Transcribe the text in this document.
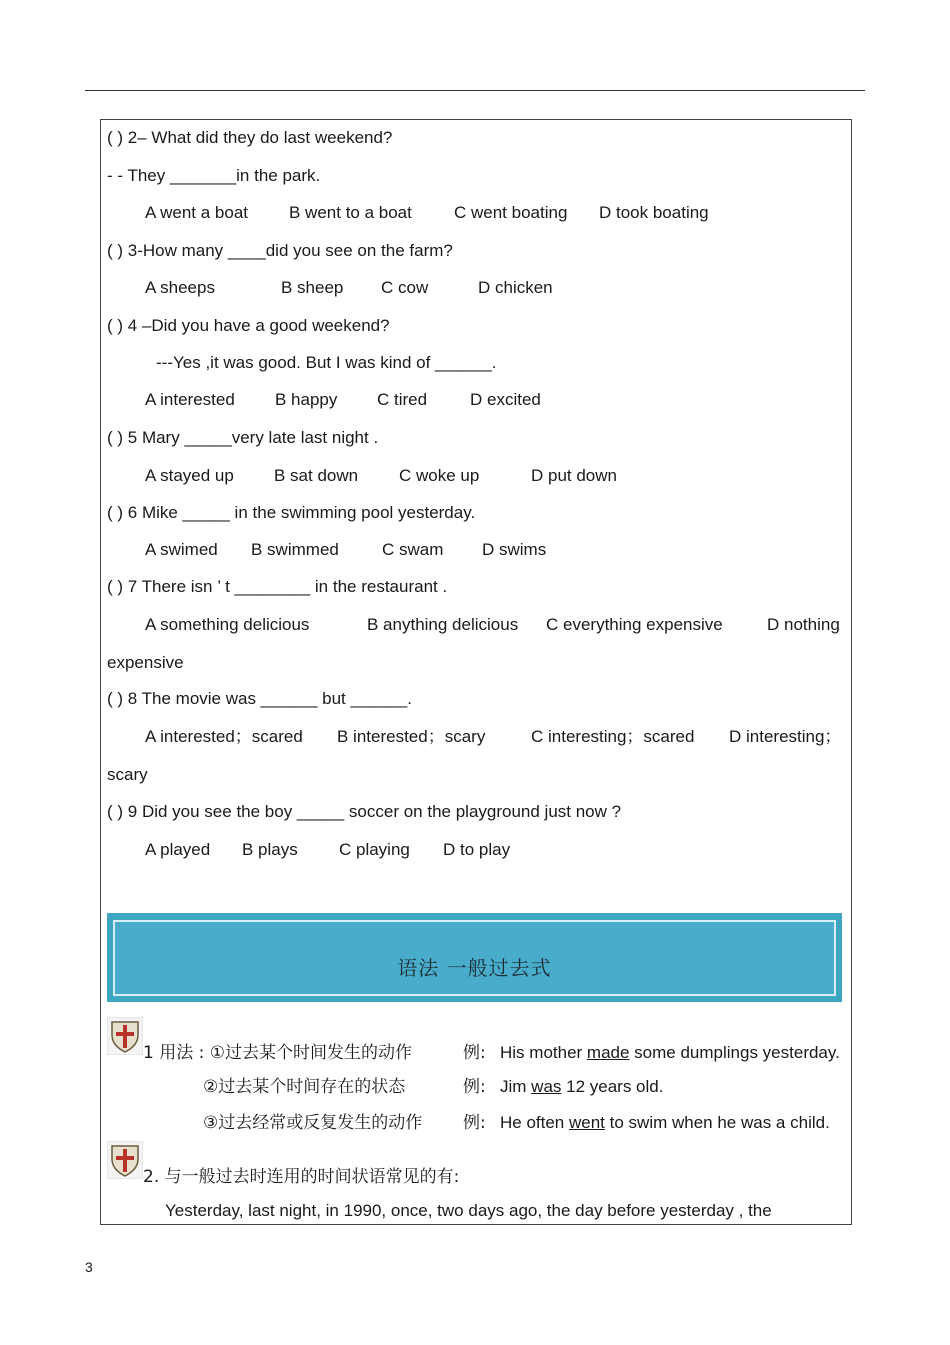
( ) 2– What did they do last weekend?
- - They _______in the park.
A went a boat B went to a boat C went boating D took boating
( ) 3-How many ____did you see on the farm?
A sheeps	B sheep C cow	D chicken
( ) 4 –Did you have a good weekend?
---Yes ,it was good. But I was kind of ______.
A interested B happy C tired	D excited
( ) 5 Mary _____very late last night .
A stayed up B sat down C woke up	D put down
( ) 6 Mike _____ in the swimming pool yesterday.
A swimed B swimmed	C swam D swims
( ) 7 There isn ’ t ________ in the restaurant .
A something delicious	B anything delicious C everything expensive	D nothing
expensive
( ) 8 The movie was ______ but ______.
A interested；scared B interested；scary	C interesting；scared D interesting；
scary
( ) 9 Did you see the boy _____ soccer on the playground just now ?
A played B plays C playing D to play
语法 一般过去式
1 用法 : ①过去某个时间发生的动作	例: His mother made some dumplings yesterday.
②过去某个时间存在的状态	例: Jim was 12 years old.
③过去经常或反复发生的动作 例: He often went to swim when he was a child.
2. 与一般过去时连用的时间状语常见的有:
Yesterday, last night, in 1990, once, two days ago, the day before yesterday , the
3
